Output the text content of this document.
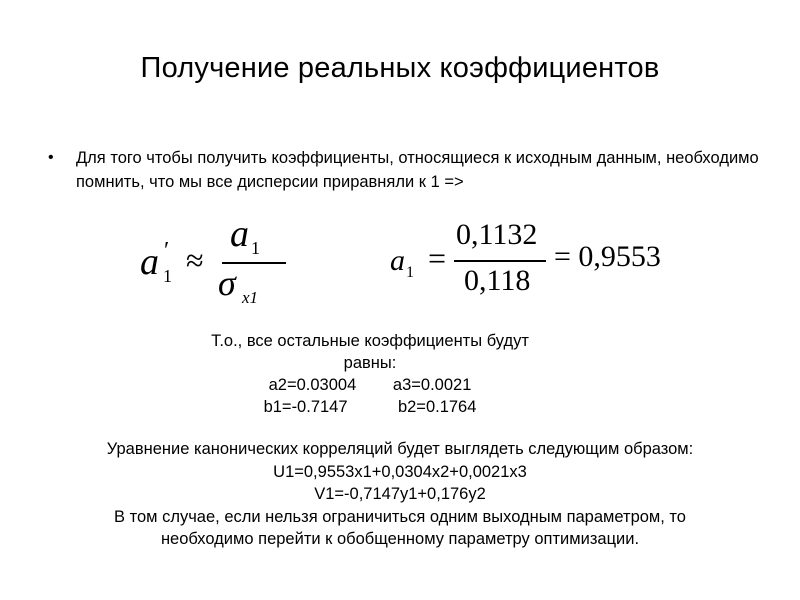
Получение реальных коэффициентов
• Для того чтобы получить коэффициенты, относящиеся к исходным данным, необходимо помнить, что мы все дисперсии приравняли к 1 =>
a ′
1 ≈
a 1
σ x1
a 1 =
0,1132
0,118
= 0,9553
Т.о., все остальные коэффициенты будут
равны:
a2=0.03004        a3=0.0021
b1=-0.7147           b2=0.1764
Уравнение канонических корреляций будет выглядеть следующим образом:
U1=0,9553x1+0,0304x2+0,0021x3
V1=-0,7147y1+0,176y2
В том случае, если нельзя ограничиться одним выходным параметром, то
необходимо перейти к обобщенному параметру оптимизации.
